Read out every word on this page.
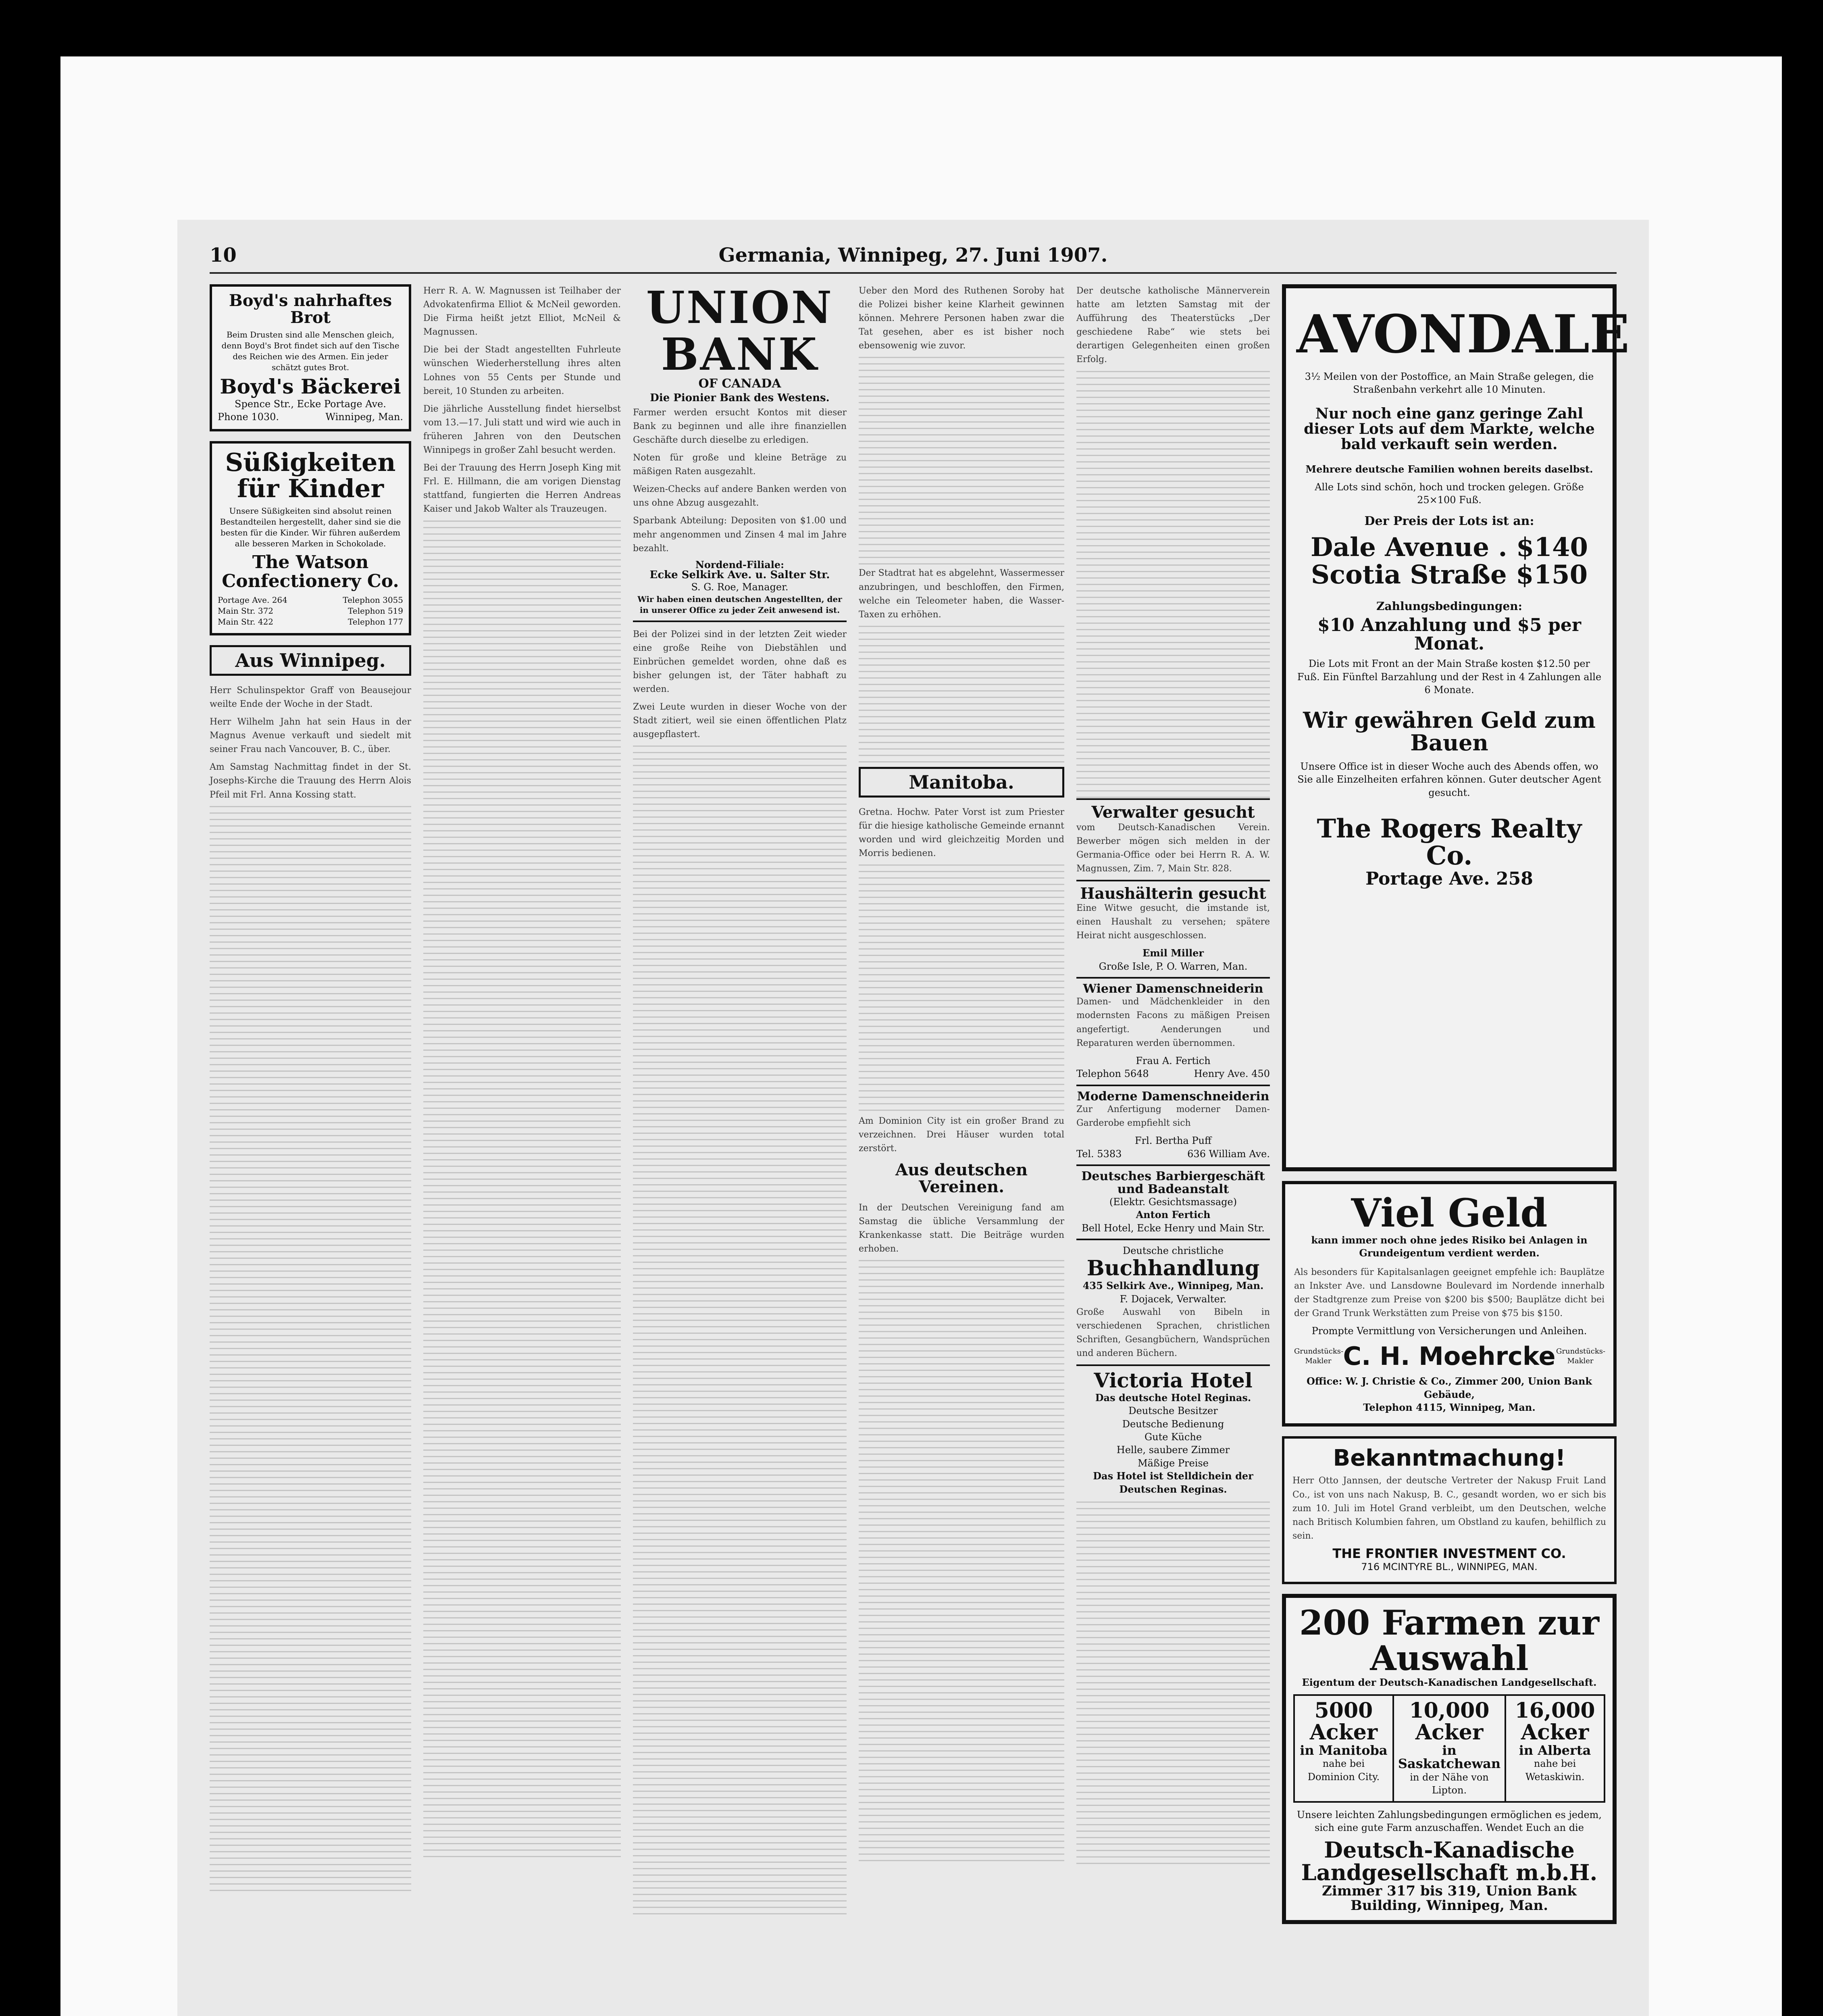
10	Germania, Winnipeg, 27. Juni 1907.
Boyd's nahrhaftes Brot
Beim Drusten sind alle Menschen gleich, denn Boyd's Brot findet sich auf den Tische des Reichen wie des Armen. Ein jeder schätzt gutes Brot.
Boyd's Bäckerei
Spence Str., Ecke Portage Ave.
Phone 1030.	Winnipeg, Man.
Süßigkeiten für Kinder
Unsere Süßigkeiten sind absolut reinen Bestandteilen hergestellt, daher sind sie die besten für die Kinder. Wir führen außerdem alle besseren Marken in Schokolade.
The Watson Confectionery Co.
Portage Ave. 264	Telephon 3055
Main Str. 372	Telephon 519
Main Str. 422	Telephon 177
Aus Winnipeg.

Herr Schulinspektor Graff von Beausejour weilte Ende der Woche in der Stadt.

Herr Wilhelm Jahn hat sein Haus in der Magnus Avenue verkauft und siedelt mit seiner Frau nach Vancouver, B. C., über.

Am Samstag Nachmittag findet in der St. Josephs-Kirche die Trauung des Herrn Alois Pfeil mit Frl. Anna Kossing statt.

Herr R. A. W. Magnussen ist Teilhaber der Advokatenfirma Elliot & McNeil geworden. Die Firma heißt jetzt Elliot, McNeil & Magnussen.

Die bei der Stadt angestellten Fuhrleute wünschen Wiederherstellung ihres alten Lohnes von 55 Cents per Stunde und bereit, 10 Stunden zu arbeiten.

Die jährliche Ausstellung findet hierselbst vom 13.—17. Juli statt und wird wie auch in früheren Jahren von den Deutschen Winnipegs in großer Zahl besucht werden.

Bei der Trauung des Herrn Joseph King mit Frl. E. Hillmann, die am vorigen Dienstag stattfand, fungierten die Herren Andreas Kaiser und Jakob Walter als Trauzeugen.

UNION BANK
OF CANADA
Die Pionier Bank des Westens.

Farmer werden ersucht Kontos mit dieser Bank zu beginnen und alle ihre finanziellen Geschäfte durch dieselbe zu erledigen.

Noten für große und kleine Beträge zu mäßigen Raten ausgezahlt.

Weizen-Checks auf andere Banken werden von uns ohne Abzug ausgezahlt.

Sparbank Abteilung: Depositen von $1.00 und mehr angenommen und Zinsen 4 mal im Jahre bezahlt.

Nordend-Filiale:
Ecke Selkirk Ave. u. Salter Str.
S. G. Roe, Manager.
Wir haben einen deutschen Angestellten, der in unserer Office zu jeder Zeit anwesend ist.

Bei der Polizei sind in der letzten Zeit wieder eine große Reihe von Diebstählen und Einbrüchen gemeldet worden, ohne daß es bisher gelungen ist, der Täter habhaft zu werden.

Zwei Leute wurden in dieser Woche von der Stadt zitiert, weil sie einen öffentlichen Platz ausgepflastert.

Ueber den Mord des Ruthenen Soroby hat die Polizei bisher keine Klarheit gewinnen können. Mehrere Personen haben zwar die Tat gesehen, aber es ist bisher noch ebensowenig wie zuvor.

Der Stadtrat hat es abgelehnt, Wassermesser anzubringen, und beschloffen, den Firmen, welche ein Teleometer haben, die Wasser-Taxen zu erhöhen.

Manitoba.

Gretna. Hochw. Pater Vorst ist zum Priester für die hiesige katholische Gemeinde ernannt worden und wird gleichzeitig Morden und Morris bedienen.

Am Dominion City ist ein großer Brand zu verzeichnen. Drei Häuser wurden total zerstört.

Aus deutschen Vereinen.

In der Deutschen Vereinigung fand am Samstag die übliche Versammlung der Krankenkasse statt. Die Beiträge wurden erhoben.

Der deutsche katholische Männerverein hatte am letzten Samstag mit der Aufführung des Theaterstücks „Der geschiedene Rabe“ wie stets bei derartigen Gelegenheiten einen großen Erfolg.

Verwalter gesucht

vom Deutsch-Kanadischen Verein. Bewerber mögen sich melden in der Germania-Office oder bei Herrn R. A. W. Magnussen, Zim. 7, Main Str. 828.

Haushälterin gesucht

Eine Witwe gesucht, die imstande ist, einen Haushalt zu versehen; spätere Heirat nicht ausgeschlossen.

Emil Miller
Große Isle, P. O. Warren, Man.
Wiener Damenschneiderin

Damen- und Mädchenkleider in den modernsten Facons zu mäßigen Preisen angefertigt. Aenderungen und Reparaturen werden übernommen.

Frau A. Fertich
Telephon 5648	Henry Ave. 450
Moderne Damenschneiderin

Zur Anfertigung moderner Damen-Garderobe empfiehlt sich

Frl. Bertha Puff
Tel. 5383	636 William Ave.
Deutsches Barbiergeschäft und Badeanstalt
(Elektr. Gesichtsmassage)
Anton Fertich
Bell Hotel, Ecke Henry und Main Str.
Deutsche christliche
Buchhandlung
435 Selkirk Ave., Winnipeg, Man.
F. Dojacek, Verwalter.

Große Auswahl von Bibeln in verschiedenen Sprachen, christlichen Schriften, Gesangbüchern, Wandsprüchen und anderen Büchern.

Victoria Hotel
Das deutsche Hotel Reginas.
Deutsche Besitzer
Deutsche Bedienung
Gute Küche
Helle, saubere Zimmer
Mäßige Preise
Das Hotel ist Stelldichein der Deutschen Reginas.
AVONDALE
3½ Meilen von der Postoffice, an Main Straße gelegen, die Straßenbahn verkehrt alle 10 Minuten.
Nur noch eine ganz geringe Zahl dieser Lots auf dem Markte, welche bald verkauft sein werden.
Mehrere deutsche Familien wohnen bereits daselbst.
Alle Lots sind schön, hoch und trocken gelegen. Größe 25×100 Fuß.
Der Preis der Lots ist an:
Dale Avenue . $140
Scotia Straße $150
Zahlungsbedingungen:
$10 Anzahlung und $5 per Monat.
Die Lots mit Front an der Main Straße kosten $12.50 per Fuß. Ein Fünftel Barzahlung und der Rest in 4 Zahlungen alle 6 Monate.
Wir gewähren Geld zum Bauen
Unsere Office ist in dieser Woche auch des Abends offen, wo Sie alle Einzelheiten erfahren können. Guter deutscher Agent gesucht.
The Rogers Realty Co.
Portage Ave. 258
Viel Geld
kann immer noch ohne jedes Risiko bei Anlagen in
Grundeigentum verdient werden.

Als besonders für Kapitalsanlagen geeignet empfehle ich: Bauplätze an Inkster Ave. und Lansdowne Boulevard im Nordende innerhalb der Stadtgrenze zum Preise von $200 bis $500; Bauplätze dicht bei der Grand Trunk Werkstätten zum Preise von $75 bis $150.

Prompte Vermittlung von Versicherungen und Anleihen.
Grundstücks-Makler C. H. Moehrcke Grundstücks-Makler
Office: W. J. Christie & Co., Zimmer 200, Union Bank Gebäude,
Telephon 4115, Winnipeg, Man.
Bekanntmachung!

Herr Otto Jannsen, der deutsche Vertreter der Nakusp Fruit Land Co., ist von uns nach Nakusp, B. C., gesandt worden, wo er sich bis zum 10. Juli im Hotel Grand verbleibt, um den Deutschen, welche nach Britisch Kolumbien fahren, um Obstland zu kaufen, behilflich zu sein.

THE FRONTIER INVESTMENT CO.
716 MCINTYRE BL., WINNIPEG, MAN.
200 Farmen zur Auswahl
Eigentum der Deutsch-Kanadischen Landgesellschaft.
5000 Acker
in Manitoba
nahe bei Dominion City.
10,000 Acker
in Saskatchewan
in der Nähe von Lipton.
16,000 Acker
in Alberta
nahe bei Wetaskiwin.
Unsere leichten Zahlungsbedingungen ermöglichen es jedem, sich eine gute Farm anzuschaffen. Wendet Euch an die
Deutsch-Kanadische Landgesellschaft m.b.H.
Zimmer 317 bis 319, Union Bank Building, Winnipeg, Man.
